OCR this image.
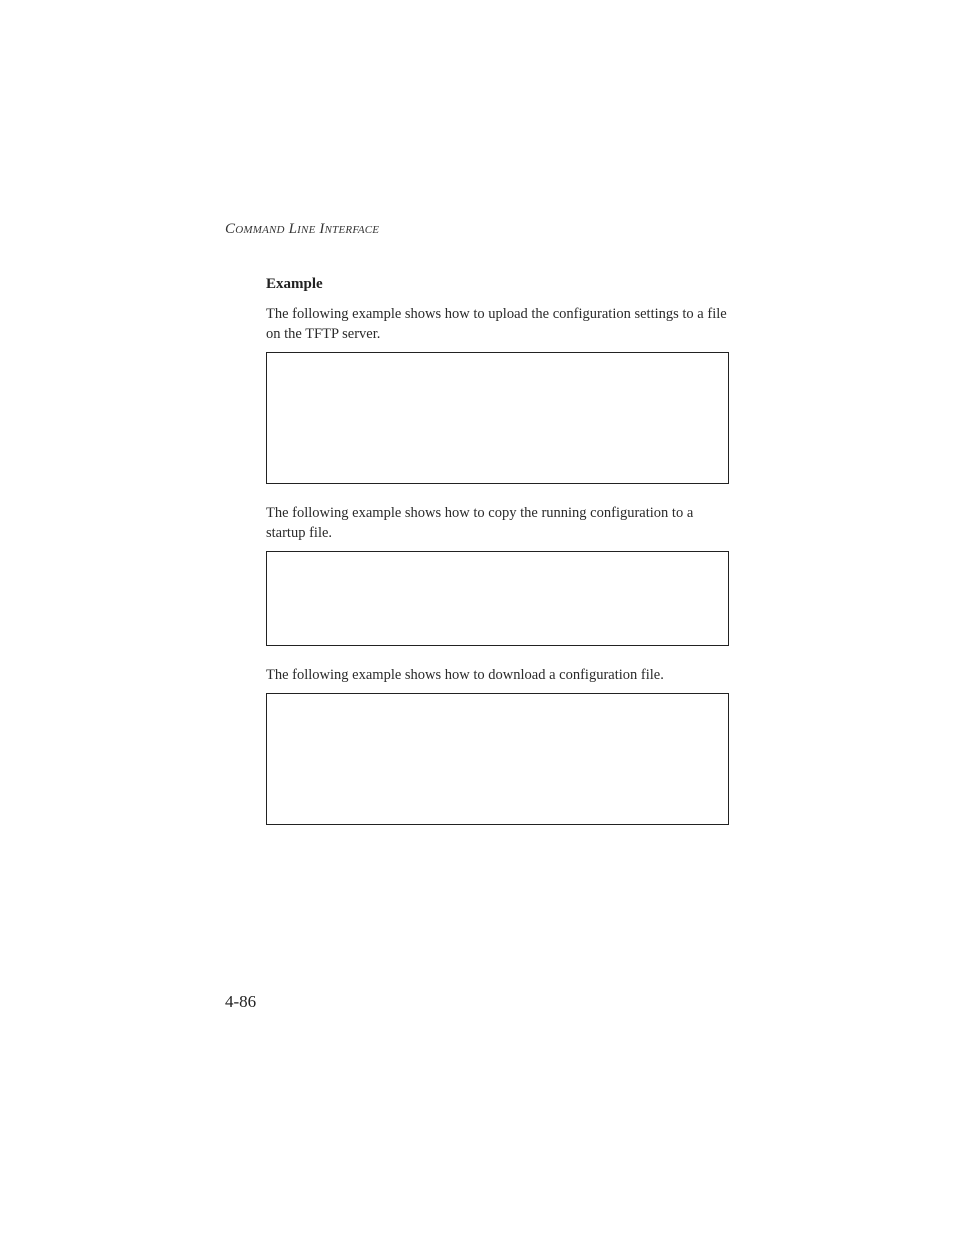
Command Line Interface
Example
The following example shows how to upload the configuration settings to a file on the TFTP server.
The following example shows how to copy the running configuration to a startup file.
The following example shows how to download a configuration file.
4-86
